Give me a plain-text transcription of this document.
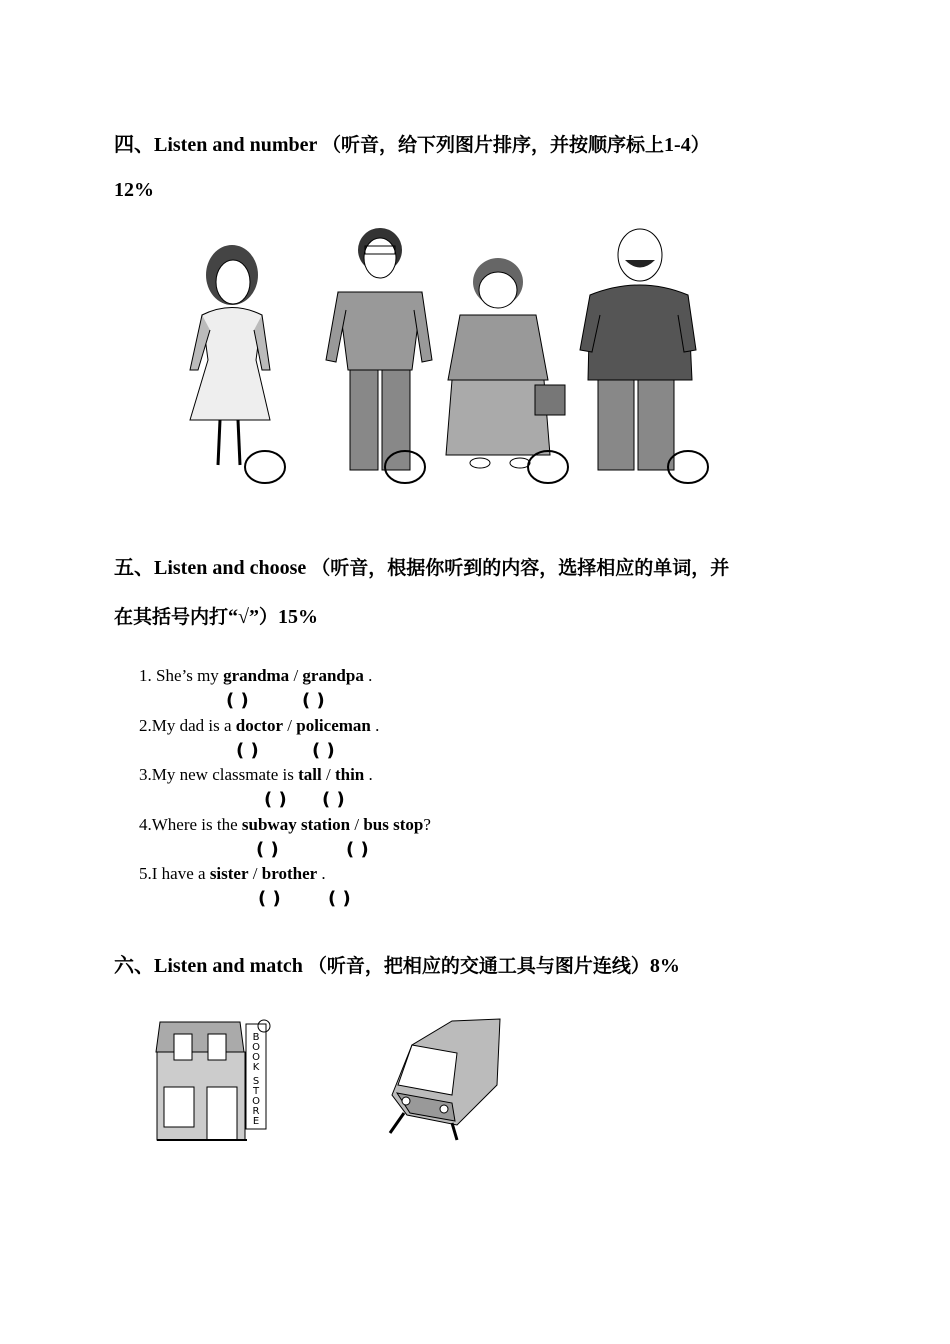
四、Listen and number （听音，给下列图片排序，并按顺序标上1-4）
12%
五、Listen and choose （听音，根据你听到的内容，选择相应的单词，并
在其括号内打“√”）15%
1. She’s my grandma / grandpa .
( )	( )
2.My dad is a doctor / policeman .
( )	( )
3.My new classmate is tall / thin .
( ) ( )
4.Where is the subway station / bus stop?
( )	( )
5.I have a sister / brother .
( )	( )
六、Listen and match （听音，把相应的交通工具与图片连线）8%
B
O
O
K
S
T
O
R
E
